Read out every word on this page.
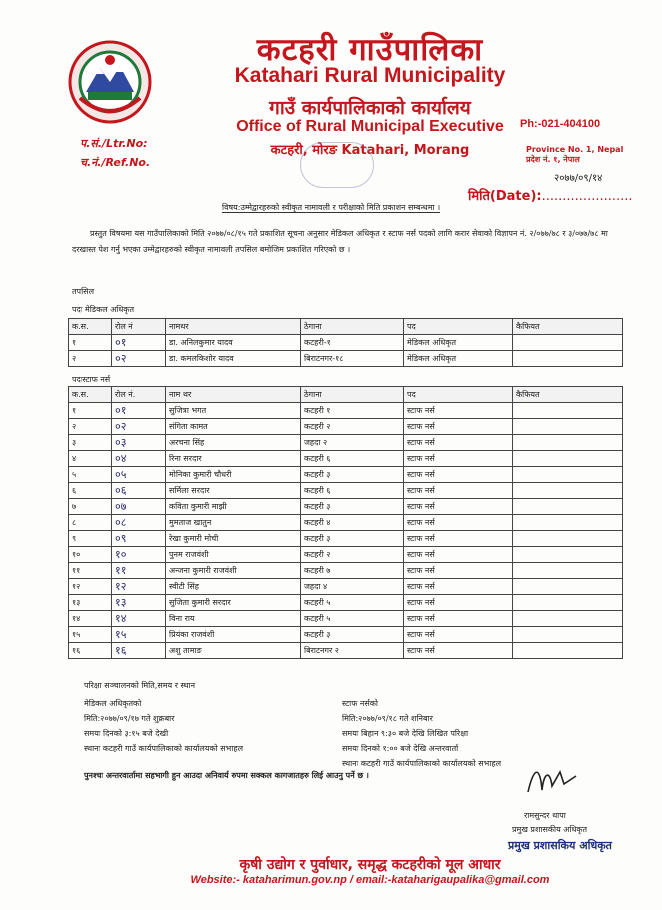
कटहरी गाउँपालिका
Katahari Rural Municipality
गाउँ कार्यपालिकाको कार्यालय
Office of Rural Municipal Executive
कटहरी, मोरङ Katahari, Morang
प.सं./Ltr.No:
च.नं./Ref.No.
Ph:-021-404100
Province No. 1, Nepal
प्रदेश नं. १, नेपाल
२०७७/०९/१४
मिति(Date):......................
विषय:उम्मेद्वारहरुको स्वीकृत नामावली र परीक्षाको मिति प्रकाशन सम्बन्धमा ।
प्रस्तुत विषयमा यस गाउँपालिकाको मिति २०७७/०८/१५ गते प्रकाशित सूचना अनुसार मेडिकल अधिकृत र स्टाफ नर्स पदको लागि करार सेवाको विज्ञापन नं. २/०७७/७८ र ३/०७७/७८ मा दरखास्त पेश गर्नु भएका उम्मेद्वारहरुको स्वीकृत नामावली तपसिल बमोजिम प्रकाशित गरिएको छ ।
तपसिल
पदः मेडिकल अधिकृत
क.स.	रोल नं	नामथर	ठेगाना	पद	कैफियत
१	०१	डा. अनिलकुमार यादव	कटहरी-१	मेडिकल अधिकृत	
२	०२	डा. कमलकिशोर यादव	बिराटनगर-१८	मेडिकल अधिकृत	
पदःस्टाफ नर्स
क.स.	रोल नं.	नाम थर	ठेगाना	पद	कैफियत
१	०१	सुजित्रा भगत	कटहरी १	स्टाफ नर्स	
२	०२	संगिता कामत	कटहरी २	स्टाफ नर्स	
३	०३	अरचना सिंह	जहदा २	स्टाफ नर्स	
४	०४	रिना सरदार	कटहरी ६	स्टाफ नर्स	
५	०५	मोनिका कुमारी चौधरी	कटहरी ३	स्टाफ नर्स	
६	०६	सर्मिला सरदार	कटहरी ६	स्टाफ नर्स	
७	०७	कविता कुमारी माझी	कटहरी ३	स्टाफ नर्स	
८	०८	मुमताज खातुन	कटहरी ४	स्टाफ नर्स	
९	०९	रेखा कुमारी मोची	कटहरी ३	स्टाफ नर्स	
१०	१०	पुनम राजवंशी	कटहरी २	स्टाफ नर्स	
११	११	अन्जना कुमारी राजवंशी	कटहरी ७	स्टाफ नर्स	
१२	१२	स्वीटी सिंह	जहदा ४	स्टाफ नर्स	
१३	१३	सुजिता कुमारी सरदार	कटहरी ५	स्टाफ नर्स	
१४	१४	विना राय	कटहरी ५	स्टाफ नर्स	
१५	१५	प्रियंका राजवंशी	कटहरी ३	स्टाफ नर्स	
१६	१६	अशु तामाङ	बिराटनगर २	स्टाफ नर्स	
परिक्षा सञ्चालनको मिति,समय र स्थान
मेडिकल अधिकृतको
मिति:२०७७/०९/१७ गते शुक्रबार
समयः दिनको ३:१५ बजे देखी
स्थानः कटहरी गाउँ कार्यपालिकाको कार्यालयको सभाहल
स्टाफ नर्सको
मिति:२०७७/०९/१८ गते शनिबार
समयः बिहान ९:३० बजे देखि लिखित परिक्षा
समयः दिनको १:०० बजे देखि अन्तरवार्ता
स्थानः कटहरी गाउँ कार्यपालिकाको कार्यालयको सभाहल
पुनश्चः अन्तरवार्तामा सहभागी हुन आउदा अनिवार्य रुपमा सक्कल कागजातहरु लिई आउनु पर्ने छ ।
रामसुन्दर थापा
प्रमुख प्रशासकीय अधिकृत
प्रमुख प्रशासकिय अधिकृत
कृषी उद्योग र पुर्वाधार, समृद्ध कटहरीको मूल आधार
Website:- kataharimun.gov.np / email:-kataharigaupalika@gmail.com
